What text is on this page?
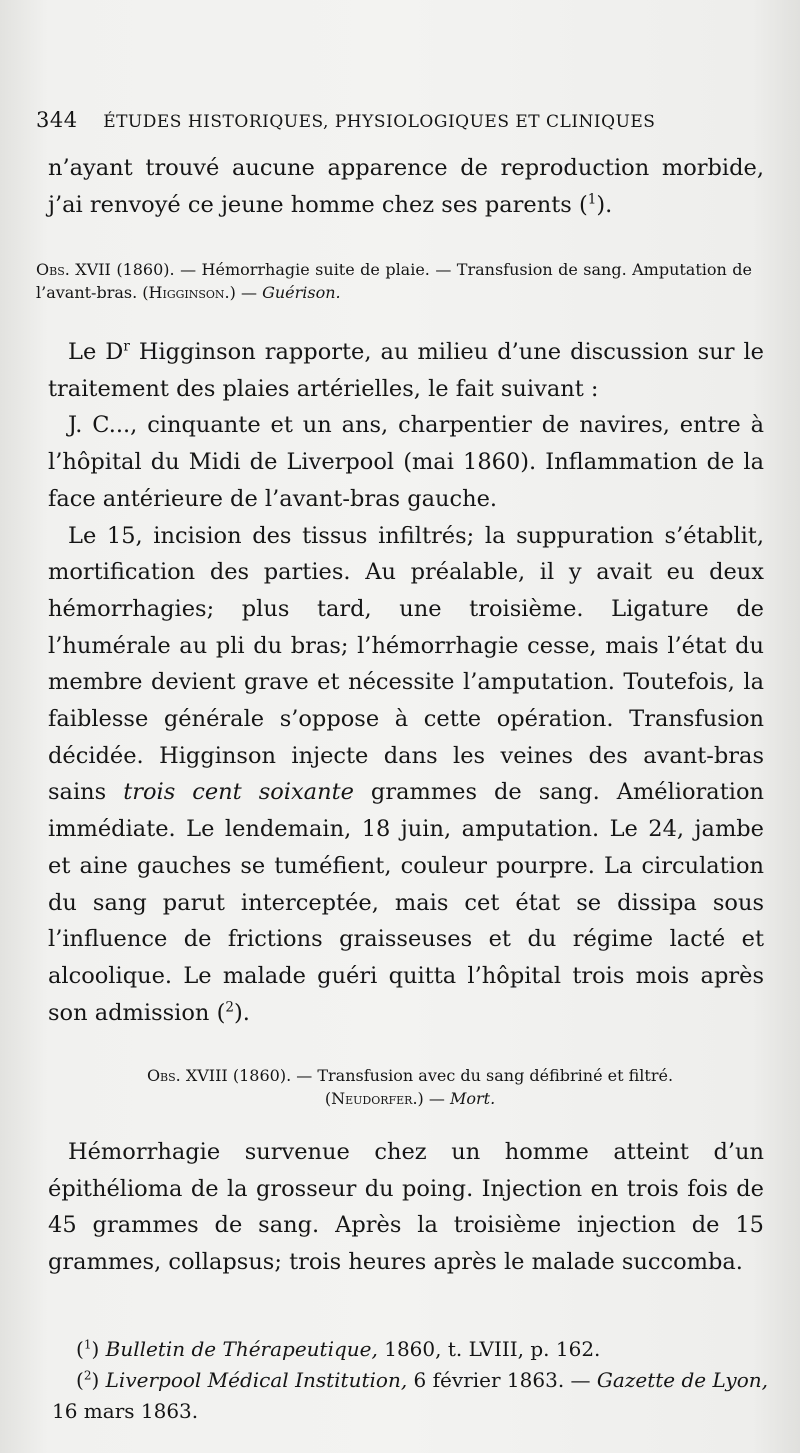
344 ÉTUDES HISTORIQUES, PHYSIOLOGIQUES ET CLINIQUES

n’ayant trouvé aucune apparence de reproduction morbide, j’ai renvoyé ce jeune homme chez ses parents ($^1$).

Obs. XVII (1860). — Hémorrhagie suite de plaie. — Transfusion de sang. Amputation de l’avant-bras. (Higginson.) — Guérison.

Le $D^r$ Higginson rapporte, au milieu d’une discussion sur le traitement des plaies artérielles, le fait suivant :

J. C..., cinquante et un ans, charpentier de navires, entre à l’hôpital du Midi de Liverpool (mai 1860). Inflammation de la face antérieure de l’avant-bras gauche.

Le 15, incision des tissus infiltrés; la suppuration s’établit, mortification des parties. Au préalable, il y avait eu deux hémorrhagies; plus tard, une troisième. Ligature de l’humérale au pli du bras; l’hémorrhagie cesse, mais l’état du membre devient grave et nécessite l’amputation. Toutefois, la faiblesse générale s’oppose à cette opération. Transfusion décidée. Higginson injecte dans les veines des avant-bras sains trois cent soixante grammes de sang. Amélioration immédiate. Le lendemain, 18 juin, amputation. Le 24, jambe et aine gauches se tuméfient, couleur pourpre. La circulation du sang parut interceptée, mais cet état se dissipa sous l’influence de frictions graisseuses et du régime lacté et alcoolique. Le malade guéri quitta l’hôpital trois mois après son admission ($^2$).

Obs. XVIII (1860). — Transfusion avec du sang défibriné et filtré.
(Neudorfer.) — Mort.

Hémorrhagie survenue chez un homme atteint d’un épithélioma de la grosseur du poing. Injection en trois fois de 45 grammes de sang. Après la troisième injection de 15 grammes, collapsus; trois heures après le malade succomba.

($^1$) Bulletin de Thérapeutique, 1860, t. LVIII, p. 162.

($^2$) Liverpool Médical Institution, 6 février 1863. — Gazette de Lyon, 16 mars 1863.
